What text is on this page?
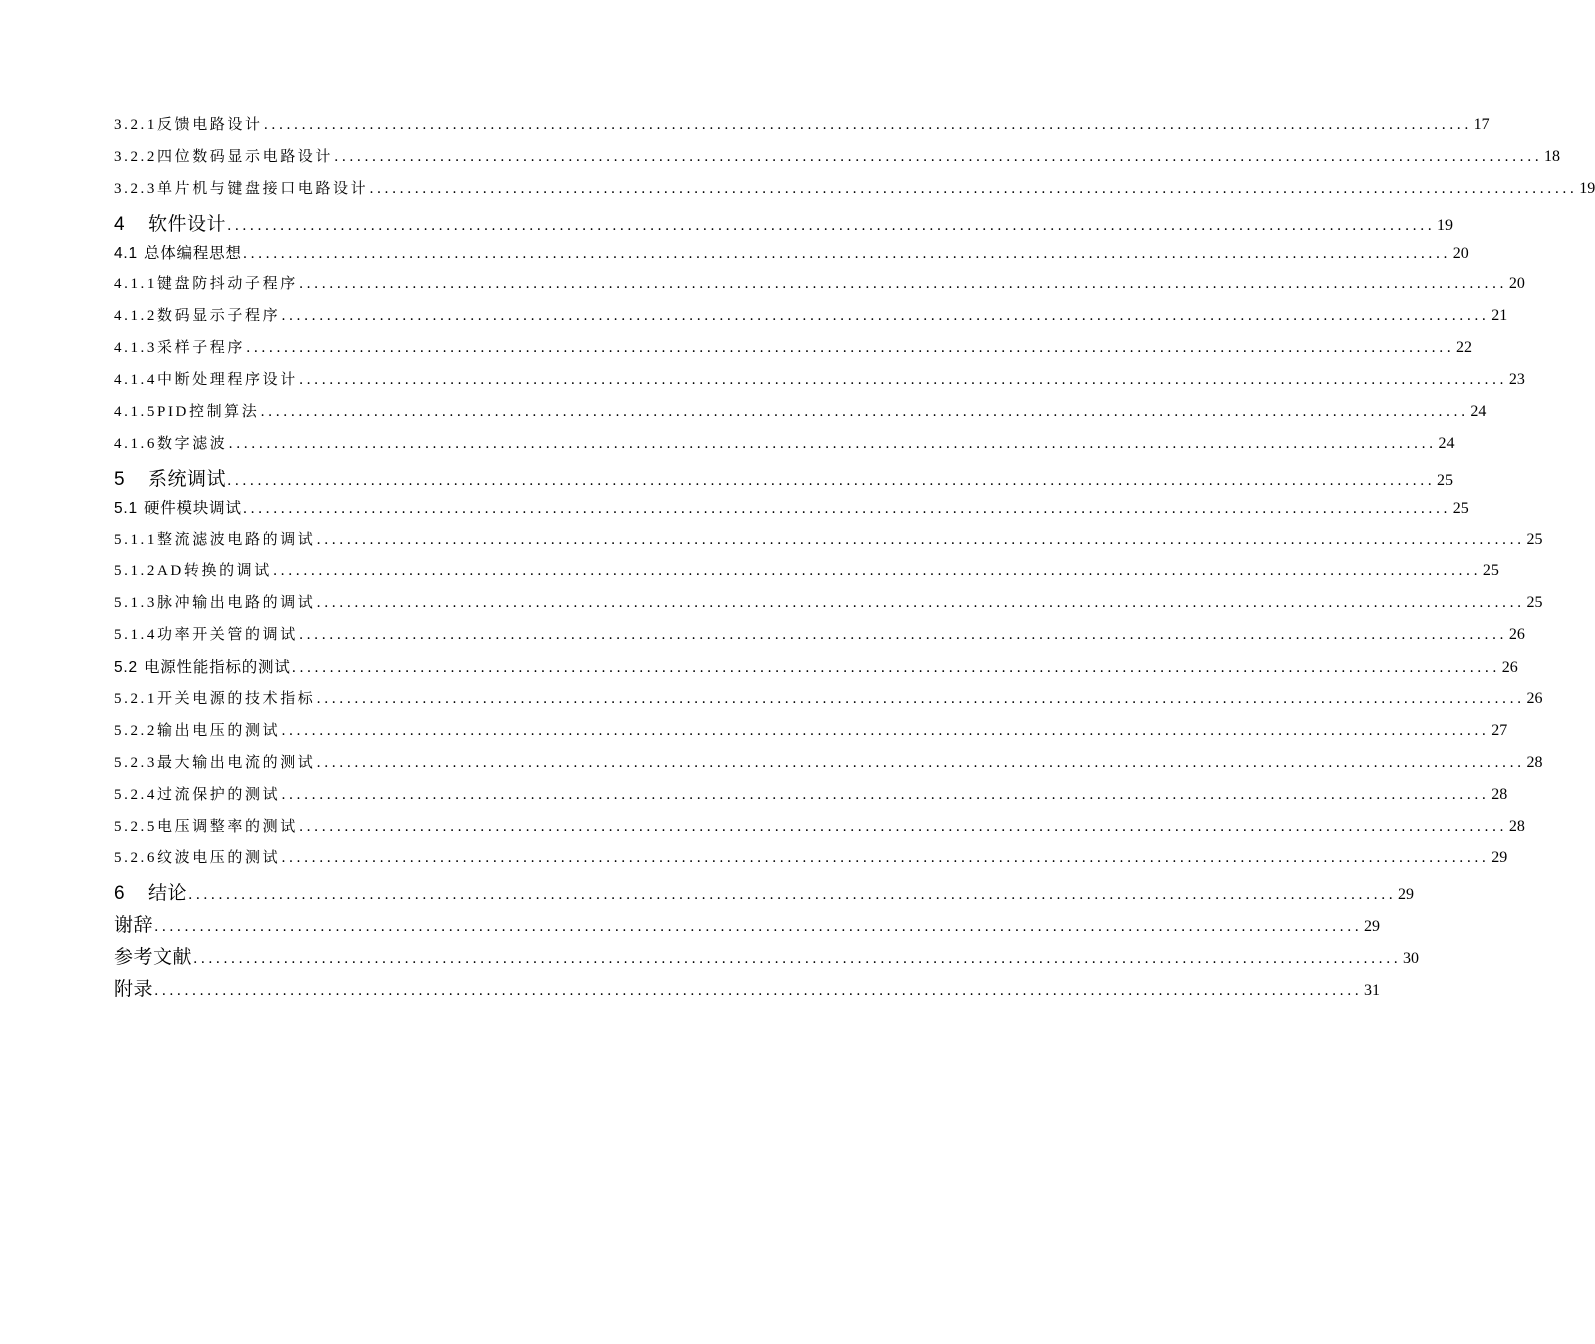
3.2.1反馈电路设计 ................................................................................................................................................................ 17
3.2.2四位数码显示电路设计 ................................................................................................................................................................ 18
3.2.3单片机与键盘接口电路设计 ................................................................................................................................................................ 19
4 软件设计 ................................................................................................................................................................ 19
4.1 总体编程思想 ................................................................................................................................................................ 20
4.1.1键盘防抖动子程序 ................................................................................................................................................................ 20
4.1.2数码显示子程序 ................................................................................................................................................................ 21
4.1.3采样子程序 ................................................................................................................................................................ 22
4.1.4中断处理程序设计 ................................................................................................................................................................ 23
4.1.5PID控制算法 ................................................................................................................................................................ 24
4.1.6数字滤波 ................................................................................................................................................................ 24
5 系统调试 ................................................................................................................................................................ 25
5.1 硬件模块调试 ................................................................................................................................................................ 25
5.1.1整流滤波电路的调试 ................................................................................................................................................................ 25
5.1.2AD转换的调试 ................................................................................................................................................................ 25
5.1.3脉冲输出电路的调试 ................................................................................................................................................................ 25
5.1.4功率开关管的调试 ................................................................................................................................................................ 26
5.2 电源性能指标的测试 ................................................................................................................................................................ 26
5.2.1开关电源的技术指标 ................................................................................................................................................................ 26
5.2.2输出电压的测试 ................................................................................................................................................................ 27
5.2.3最大输出电流的测试 ................................................................................................................................................................ 28
5.2.4过流保护的测试 ................................................................................................................................................................ 28
5.2.5电压调整率的测试 ................................................................................................................................................................ 28
5.2.6纹波电压的测试 ................................................................................................................................................................ 29
6 结论 ................................................................................................................................................................ 29
谢辞 ................................................................................................................................................................ 29
参考文献 ................................................................................................................................................................ 30
附录 ................................................................................................................................................................ 31
